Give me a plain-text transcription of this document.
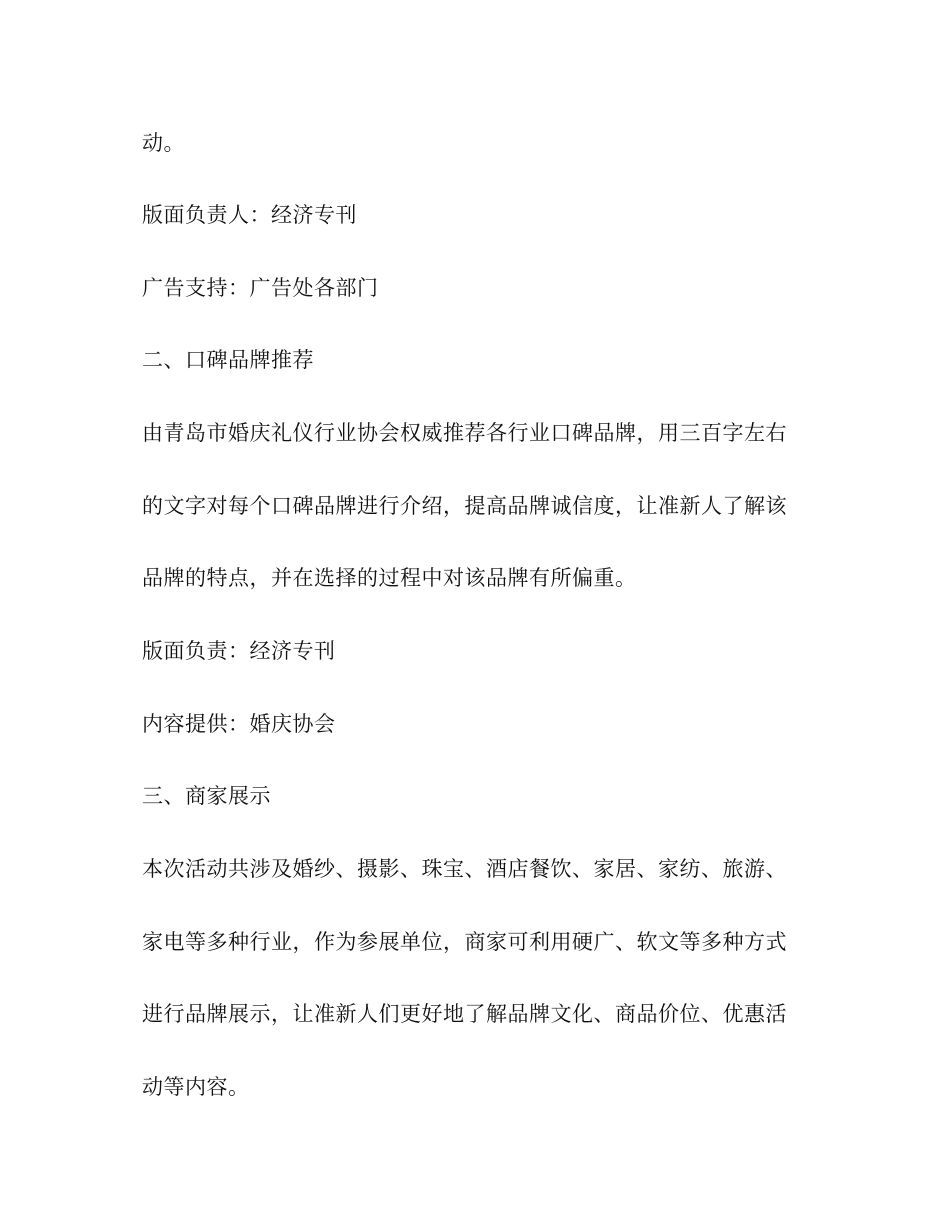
动。
版面负责人：经济专刊
广告支持：广告处各部门
二、口碑品牌推荐
由青岛市婚庆礼仪行业协会权威推荐各行业口碑品牌，用三百字左右
的文字对每个口碑品牌进行介绍，提高品牌诚信度，让准新人了解该
品牌的特点，并在选择的过程中对该品牌有所偏重。
版面负责：经济专刊
内容提供：婚庆协会
三、商家展示
本次活动共涉及婚纱、摄影、珠宝、酒店餐饮、家居、家纺、旅游、
家电等多种行业，作为参展单位，商家可利用硬广、软文等多种方式
进行品牌展示，让准新人们更好地了解品牌文化、商品价位、优惠活
动等内容。
